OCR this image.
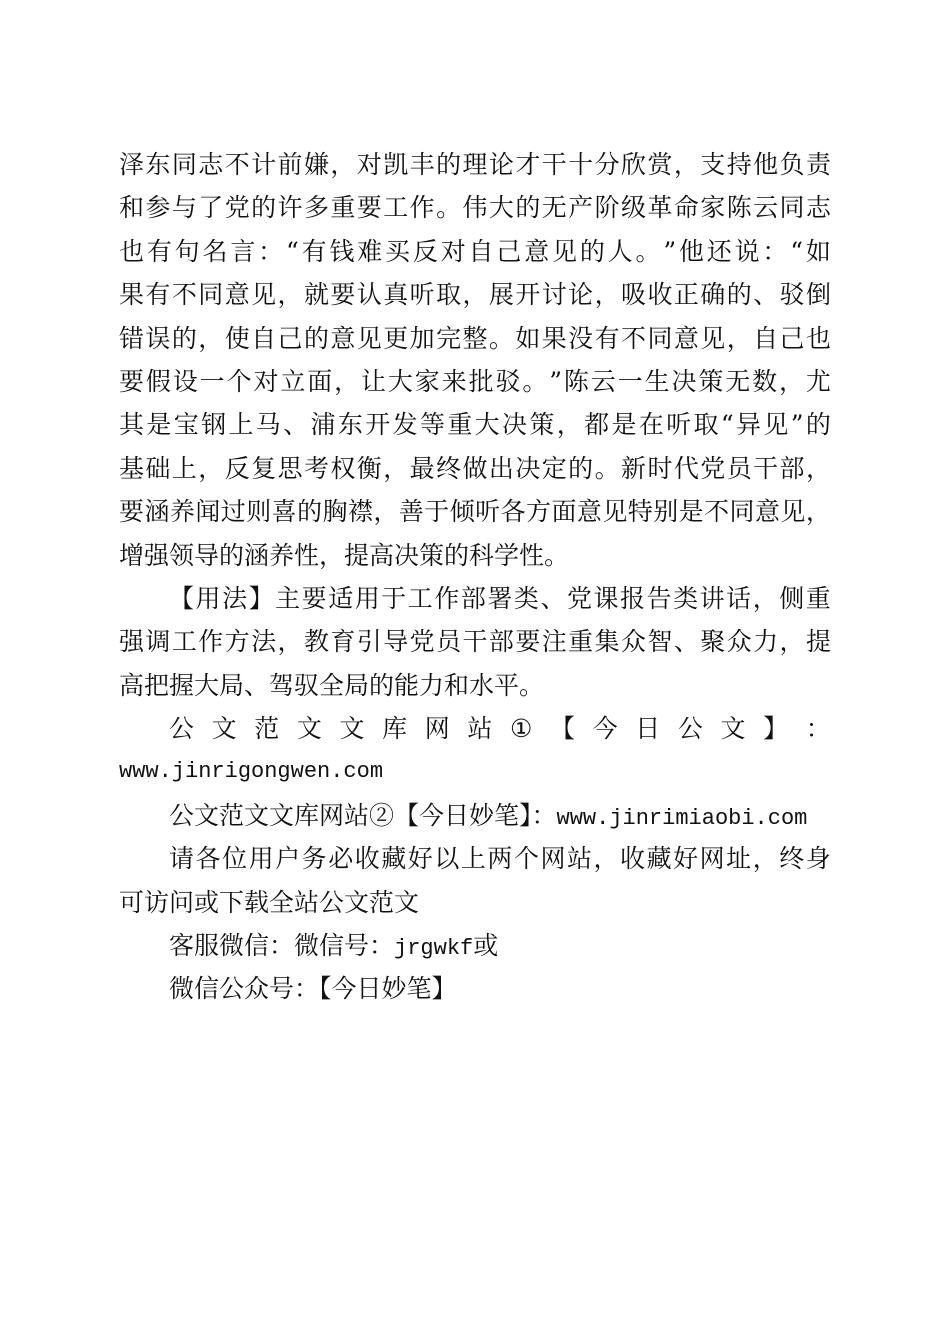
泽 东 同 志 不 计 前 嫌 ， 对 凯 丰 的 理 论 才 干 十 分 欣 赏 ， 支 持 他 负 责
和 参 与 了 党 的 许 多 重 要 工 作 。 伟 大 的 无 产 阶 级 革 命 家 陈 云 同 志
也 有 句 名 言 ： “ 有 钱 难 买 反 对 自 己 意 见 的 人 。 ” 他 还 说 ： “ 如
果 有 不 同 意 见 ， 就 要 认 真 听 取 ， 展 开 讨 论 ， 吸 收 正 确 的 、 驳 倒
错 误 的 ， 使 自 己 的 意 见 更 加 完 整 。 如 果 没 有 不 同 意 见 ， 自 己 也
要 假 设 一 个 对 立 面 ， 让 大 家 来 批 驳 。 ” 陈 云 一 生 决 策 无 数 ， 尤
其 是 宝 钢 上 马 、 浦 东 开 发 等 重 大 决 策 ， 都 是 在 听 取 “ 异 见 ” 的
基 础 上 ， 反 复 思 考 权 衡 ， 最 终 做 出 决 定 的 。 新 时 代 党 员 干 部 ，
要 涵 养 闻 过 则 喜 的 胸 襟 ， 善 于 倾 听 各 方 面 意 见 特 别 是 不 同 意 见 ，
增强领导的涵养性，提高决策的科学性。
【 用 法 】 主 要 适 用 于 工 作 部 署 类 、 党 课 报 告 类 讲 话 ， 侧 重
强 调 工 作 方 法 ， 教 育 引 导 党 员 干 部 要 注 重 集 众 智 、 聚 众 力 ， 提
高把握大局、驾驭全局的能力和水平。
公 文 范 文 文 库 网 站 ① 【 今 日 公 文 】 ：
www.jinrigongwen.com
公文范文文库网站②【今日妙笔】：www.jinrimiaobi.com
请 各 位 用 户 务 必 收 藏 好 以 上 两 个 网 站 ， 收 藏 好 网 址 ， 终 身
可访问或下载全站公文范文
客服微信：微信号：jrgwkf或
微信公众号：【今日妙笔】
